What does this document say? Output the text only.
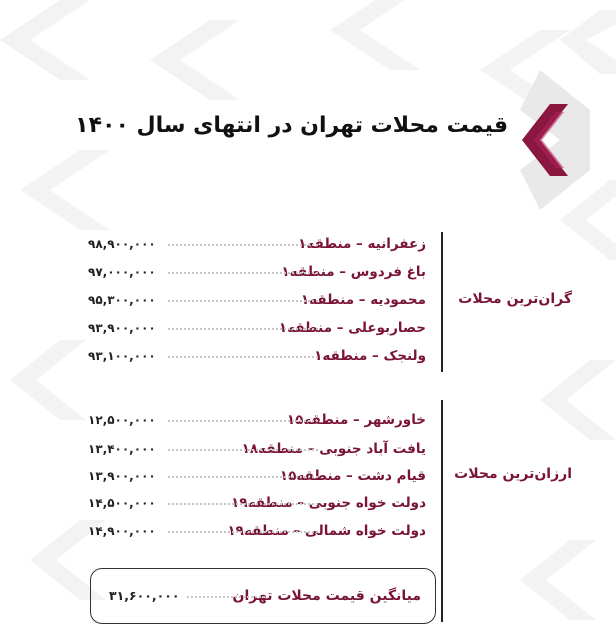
قیمت محلات تهران در انتهای سال ۱۴۰۰
گران‌ترین محلات
زعفرانیه – منطقه۱
۹۸,۹۰۰,۰۰۰
باغ فردوس – منطقه۱
۹۷,۰۰۰,۰۰۰
محمودیه – منطقه۱
۹۵,۳۰۰,۰۰۰
حصاربوعلی – منطقه۱
۹۳,۹۰۰,۰۰۰
ولنجک – منطقه۱
۹۳,۱۰۰,۰۰۰
ارزان‌ترین محلات
خاورشهر – منطقه۱۵
۱۲,۵۰۰,۰۰۰
یافت آباد جنوبی – منطقه۱۸
۱۳,۴۰۰,۰۰۰
قیام دشت – منطقه۱۵
۱۳,۹۰۰,۰۰۰
دولت خواه جنوبی – منطقه۱۹
۱۴,۵۰۰,۰۰۰
دولت خواه شمالی – منطقه۱۹
۱۴,۹۰۰,۰۰۰
میانگین قیمت محلات تهران
۳۱,۶۰۰,۰۰۰
